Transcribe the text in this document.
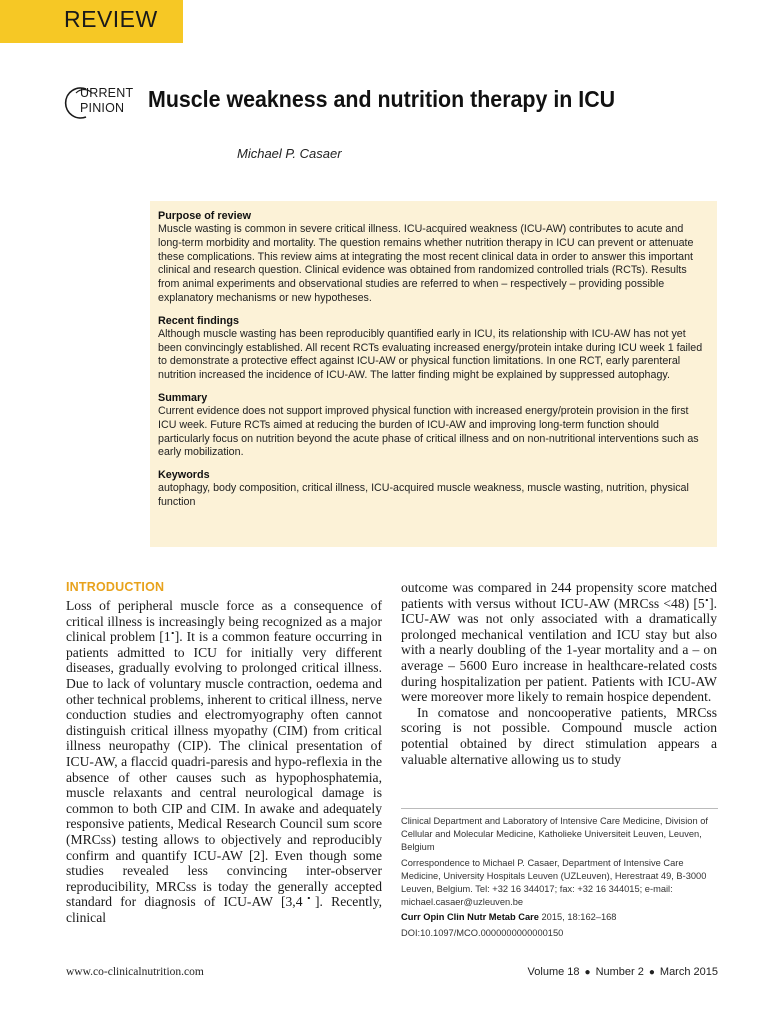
REVIEW
URRENT
PINION Muscle weakness and nutrition therapy in ICU
Michael P. Casaer
Purpose of review

Muscle wasting is common in severe critical illness. ICU-acquired weakness (ICU-AW) contributes to acute and long-term morbidity and mortality. The question remains whether nutrition therapy in ICU can prevent or attenuate these complications. This review aims at integrating the most recent clinical data in order to answer this important clinical and research question. Clinical evidence was obtained from randomized controlled trials (RCTs). Results from animal experiments and observational studies are referred to when – respectively – providing possible explanatory mechanisms or new hypotheses.

Recent findings

Although muscle wasting has been reproducibly quantified early in ICU, its relationship with ICU-AW has not yet been convincingly established. All recent RCTs evaluating increased energy/protein intake during ICU week 1 failed to demonstrate a protective effect against ICU-AW or physical function limitations. In one RCT, early parenteral nutrition increased the incidence of ICU-AW. The latter finding might be explained by suppressed autophagy.

Summary

Current evidence does not support improved physical function with increased energy/protein provision in the first ICU week. Future RCTs aimed at reducing the burden of ICU-AW and improving long-term function should particularly focus on nutrition beyond the acute phase of critical illness and on non-nutritional interventions such as early mobilization.

Keywords

autophagy, body composition, critical illness, ICU-acquired muscle weakness, muscle wasting, nutrition, physical function

INTRODUCTION

Loss of peripheral muscle force as a consequence of critical illness is increasingly being recognized as a major clinical problem [1▪]. It is a common feature occurring in patients admitted to ICU for initially very different diseases, gradually evolving to prolonged critical illness. Due to lack of voluntary muscle contraction, oedema and other technical problems, inherent to critical illness, nerve conduction studies and electromyography often cannot distinguish critical illness myopathy (CIM) from critical illness neuropathy (CIP). The clinical presentation of ICU-AW, a flaccid quadri-paresis and hypo-reflexia in the absence of other causes such as hypophosphatemia, muscle relaxants and central neurological damage is common to both CIP and CIM. In awake and adequately responsive patients, Medical Research Council sum score (MRCss) testing allows to objectively and reproducibly confirm and quantify ICU-AW [2]. Even though some studies revealed less convincing inter-observer reproducibility, MRCss is today the generally accepted standard for diagnosis of ICU-AW [3,4▪]. Recently, clinical

outcome was compared in 244 propensity score matched patients with versus without ICU-AW (MRCss <48) [5▪]. ICU-AW was not only associated with a dramatically prolonged mechanical ventilation and ICU stay but also with a nearly doubling of the 1-year mortality and a – on average – 5600 Euro increase in healthcare-related costs during hospitalization per patient. Patients with ICU-AW were moreover more likely to remain hospice dependent.

In comatose and noncooperative patients, MRCss scoring is not possible. Compound muscle action potential obtained by direct stimulation appears a valuable alternative allowing us to study

Clinical Department and Laboratory of Intensive Care Medicine, Division of Cellular and Molecular Medicine, Katholieke Universiteit Leuven, Leuven, Belgium

Correspondence to Michael P. Casaer, Department of Intensive Care Medicine, University Hospitals Leuven (UZLeuven), Herestraat 49, B-3000 Leuven, Belgium. Tel: +32 16 344017; fax: +32 16 344015; e-mail: michael.casaer@uzleuven.be

Curr Opin Clin Nutr Metab Care 2015, 18:162–168

DOI:10.1097/MCO.0000000000000150

www.co-clinicalnutrition.com	Volume 18 ● Number 2 ● March 2015
